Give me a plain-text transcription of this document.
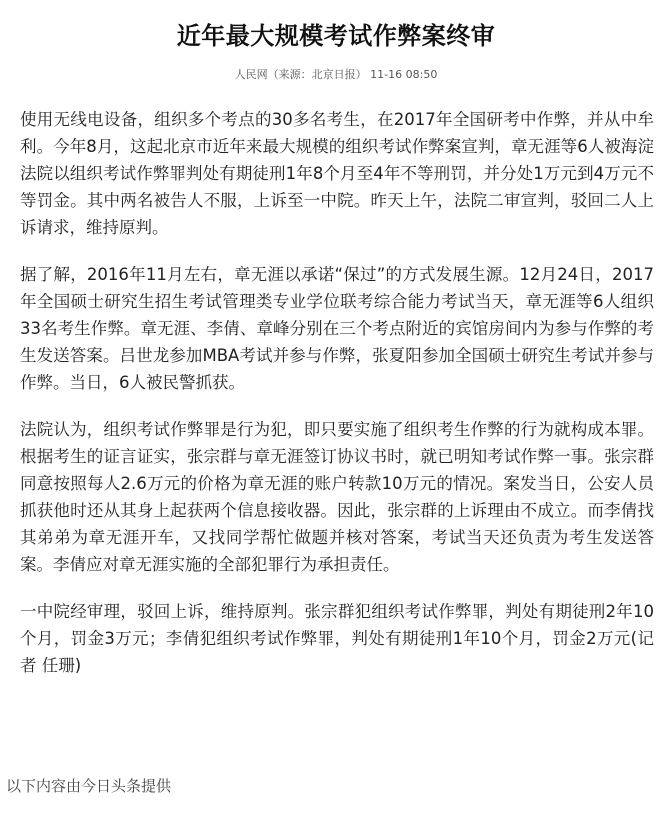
近年最大规模考试作弊案终审
人民网（来源：北京日报） 11-16 08:50

使用无线电设备，组织多个考点的30多名考生，在2017年全国研考中作弊，并从中牟利。今年8月，这起北京市近年来最大规模的组织考试作弊案宣判，章无涯等6人被海淀法院以组织考试作弊罪判处有期徒刑1年8个月至4年不等刑罚，并分处1万元到4万元不等罚金。其中两名被告人不服，上诉至一中院。昨天上午，法院二审宣判，驳回二人上诉请求，维持原判。

据了解，2016年11月左右，章无涯以承诺“保过”的方式发展生源。12月24日，2017年全国硕士研究生招生考试管理类专业学位联考综合能力考试当天，章无涯等6人组织33名考生作弊。章无涯、李倩、章峰分别在三个考点附近的宾馆房间内为参与作弊的考生发送答案。吕世龙参加MBA考试并参与作弊，张夏阳参加全国硕士研究生考试并参与作弊。当日，6人被民警抓获。

法院认为，组织考试作弊罪是行为犯，即只要实施了组织考生作弊的行为就构成本罪。根据考生的证言证实，张宗群与章无涯签订协议书时，就已明知考试作弊一事。张宗群同意按照每人2.6万元的价格为章无涯的账户转款10万元的情况。案发当日，公安人员抓获他时还从其身上起获两个信息接收器。因此，张宗群的上诉理由不成立。而李倩找其弟弟为章无涯开车，又找同学帮忙做题并核对答案，考试当天还负责为考生发送答案。李倩应对章无涯实施的全部犯罪行为承担责任。

一中院经审理，驳回上诉，维持原判。张宗群犯组织考试作弊罪，判处有期徒刑2年10个月，罚金3万元；李倩犯组织考试作弊罪，判处有期徒刑1年10个月，罚金2万元(记者 任珊)

以下内容由今日头条提供
